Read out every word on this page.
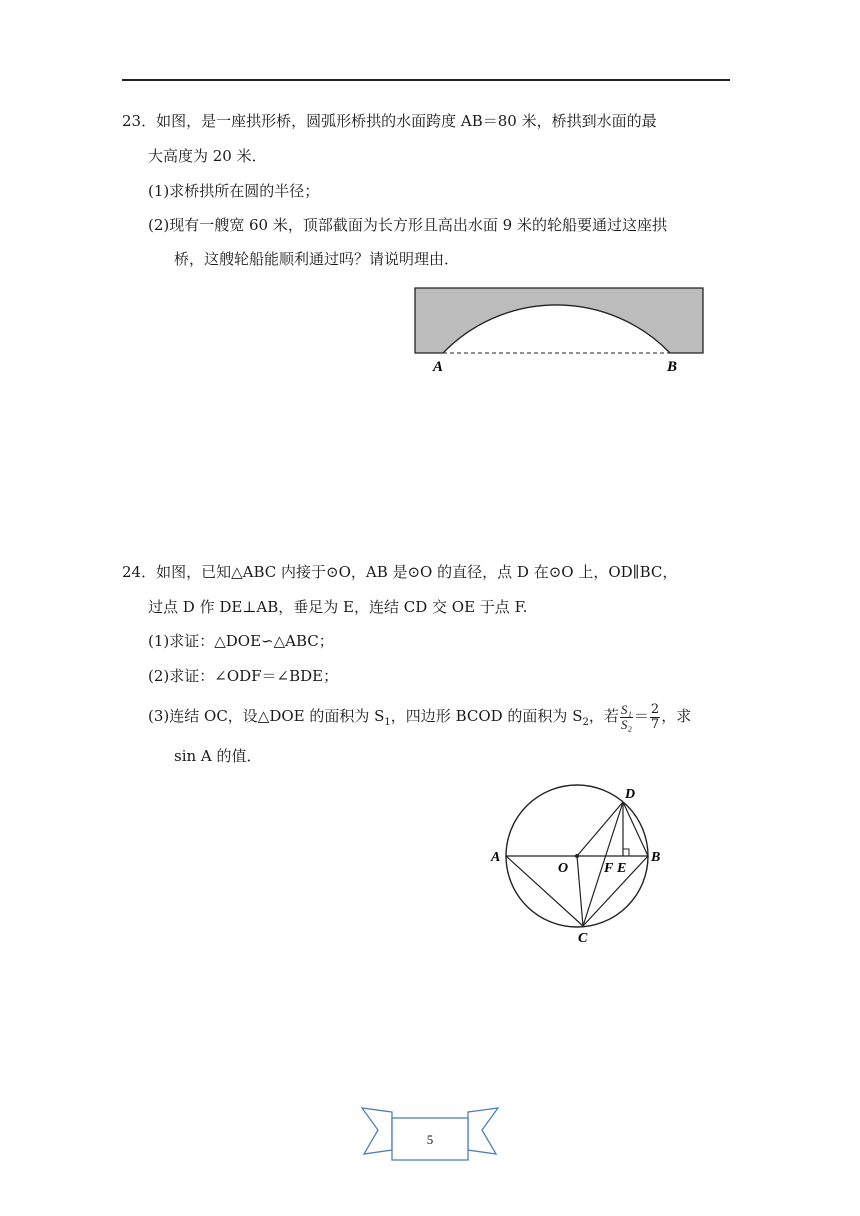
23．如图，是一座拱形桥，圆弧形桥拱的水面跨度 AB＝80 米，桥拱到水面的最
大高度为 20 米．
(1)求桥拱所在圆的半径；
(2)现有一艘宽 60 米，顶部截面为长方形且高出水面 9 米的轮船要通过这座拱
桥，这艘轮船能顺利通过吗？请说明理由．
A	B
24．如图，已知△ABC 内接于⊙O，AB 是⊙O 的直径，点 D 在⊙O 上，OD∥BC，
过点 D 作 DE⊥AB，垂足为 E，连结 CD 交 OE 于点 F.
(1)求证：△DOE∽△ABC；
(2)求证：∠ODF＝∠BDE；
(3)连结 OC，设△DOE 的面积为 $S_1$，四边形 BCOD 的面积为 $S_2$，若 $\frac{\text{S₁}}{\text{S₂}} = \frac{2}{7}$ ，求
sin A 的值．
A	B
C
D
O	F E
5
